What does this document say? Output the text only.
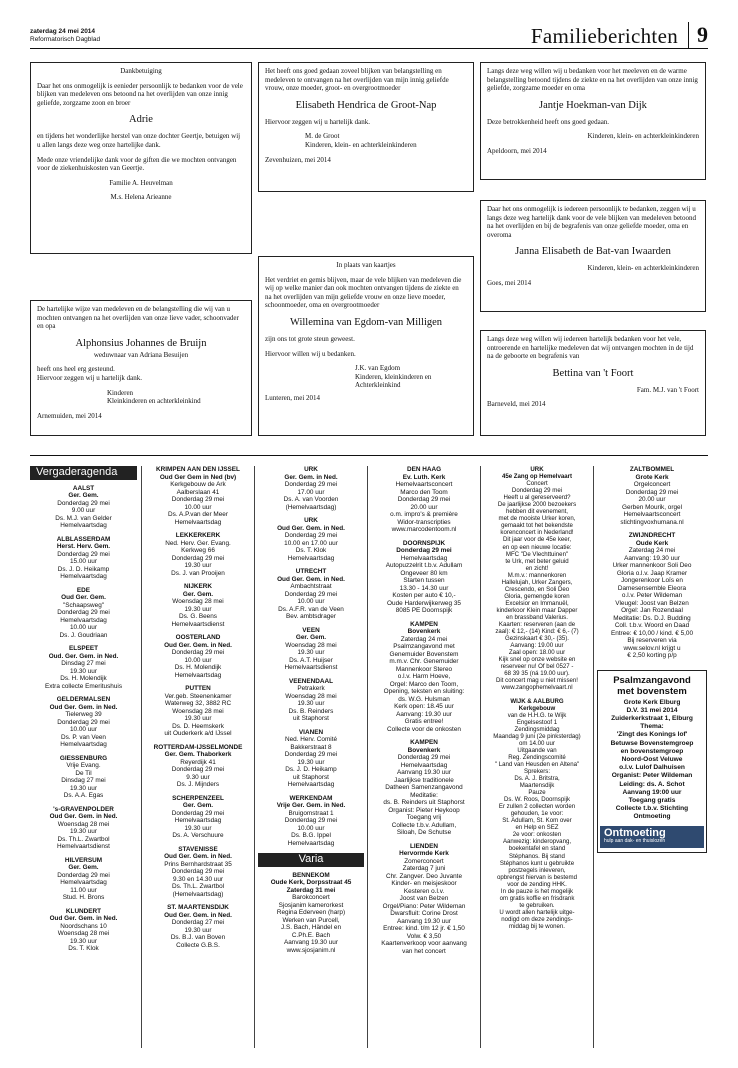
zaterdag 24 mei 2014
Reformatorisch Dagblad	Familieberichten 9

Dankbetuiging

Daar het ons onmogelijk is eenieder persoonlijk te bedanken voor de vele blijken van medeleven ons betoond na het overlijden van onze innig geliefde, zorgzame zoon en broer

Adrie

en tijdens het wonderlijke herstel van onze dochter Geertje, betuigen wij u allen langs deze weg onze hartelijke dank.

Mede onze vriendelijke dank voor de giften die we mochten ontvangen voor de ziekenhuiskosten van Geertje.

Familie A. Heuvelman

M.s. Helena Arieanne

Het heeft ons goed gedaan zoveel blijken van belangstelling en medeleven te ontvangen na het overlijden van mijn innig geliefde vrouw, onze moeder, groot- en overgrootmoeder

Elisabeth Hendrica de Groot-Nap

Hiervoor zeggen wij u hartelijk dank.

M. de Groot
Kinderen, klein- en achterkleinkinderen
Zevenhuizen, mei 2014

Langs deze weg willen wij u bedanken voor het meeleven en de warme belangstelling betoond tijdens de ziekte en na het overlijden van onze innig geliefde, zorgzame moeder en oma

Jantje Hoekman-van Dijk

Deze betrokkenheid heeft ons goed gedaan.

Kinderen, klein- en achterkleinkinderen

Apeldoorn, mei 2014

Daar het ons onmogelijk is iedereen persoonlijk te bedanken, zeggen wij u langs deze weg hartelijk dank voor de vele blijken van medeleven betoond na het overlijden en bij de begrafenis van onze geliefde moeder, oma en overoma

Janna Elisabeth de Bat-van Iwaarden

Kinderen, klein- en achterkleinkinderen

Goes, mei 2014

In plaats van kaartjes

Het verdriet en gemis blijven, maar de vele blijken van medeleven die wij op welke manier dan ook mochten ontvangen tijdens de ziekte en na het overlijden van mijn geliefde vrouw en onze lieve moeder, schoonmoeder, oma en overgrootmoeder

Willemina van Egdom-van Milligen

zijn ons tot grote steun geweest.

Hiervoor willen wij u bedanken.

J.K. van Egdom
Kinderen, kleinkinderen en
Achterkleinkind
Lunteren, mei 2014

De hartelijke wijze van medeleven en de belangstelling die wij van u mochten ontvangen na het overlijden van onze lieve vader, schoonvader en opa

Alphonsius Johannes de Bruijn

weduwnaar van Adriana Besuijen

heeft ons heel erg gesteund.

Hiervoor zeggen wij u hartelijk dank.

Kinderen
Kleinkinderen en achterkleinkind
Arnemuiden, mei 2014

Langs deze weg willen wij iedereen hartelijk bedanken voor het vele, ontroerende en hartelijke medeleven dat wij ontvangen mochten in de tijd na de geboorte en begrafenis van

Bettina van 't Foort

Fam. M.J. van 't Foort

Barneveld, mei 2014
Vergaderagenda
AALST
Ger. Gem.
Donderdag 29 mei
9.00 uur
Ds. M.J. van Gelder
Hemelvaartsdag
ALBLASSERDAM
Herst. Herv. Gem.
Donderdag 29 mei
15.00 uur
Ds. J. D. Heikamp
Hemelvaartsdag
EDE
Oud Ger. Gem.
"Schaapsweg"
Donderdag 29 mei
Hemelvaartsdag
10.00 uur
Ds. J. Goudriaan
ELSPEET
Oud. Ger. Gem. in Ned.
Dinsdag 27 mei
19.30 uur
Ds. H. Molendijk
Extra collecte Emeritushuis
GELDERMALSEN
Oud Ger. Gem. in Ned.
Tielerweg 39
Donderdag 29 mei
10.00 uur
Ds. P. van Veen
Hemelvaartsdag
GIESSENBURG
Vrije Evang.
De Til
Dinsdag 27 mei
19.30 uur
Ds. A.A. Egas
's-GRAVENPOLDER
Oud Ger. Gem. in Ned.
Woensdag 28 mei
19.30 uur
Ds. Th.L. Zwartbol
Hemelvaartsdienst
HILVERSUM
Ger. Gem.
Donderdag 29 mei
Hemelvaartsdag
11.00 uur
Stud. H. Brons
KLUNDERT
Oud Ger. Gem. in Ned.
Noordschans 10
Woensdag 28 mei
19.30 uur
Ds. T. Klok
KRIMPEN AAN DEN IJSSEL
Oud Ger Gem in Ned (bv)
Kerkgebouw de Ark
Aalberslaan 41
Donderdag 29 mei
10.00 uur
Ds. A.P.van der Meer
Hemelvaartsdag
LEKKERKERK
Ned. Herv. Ger. Evang.
Kerkweg 66
Donderdag 29 mei
19.30 uur
Ds. J. van Prooijen
NIJKERK
Ger. Gem.
Woensdag 28 mei
19.30 uur
Ds. G. Beens
Hemelvaartsdienst
OOSTERLAND
Oud Ger. Gem. in Ned.
Donderdag 29 mei
10.00 uur
Ds. H. Molendijk
Hemelvaartsdag
PUTTEN
Ver.geb. Steenenkamer
Waterweg 32, 3882 RC
Woensdag 28 mei
19.30 uur
Ds. D. Heemskerk
uit Ouderkerk a/d IJssel
ROTTERDAM-IJSSELMONDE
Ger. Gem. Thaborkerk
Reyerdijk 41
Donderdag 29 mei
9.30 uur
Ds. J. Mijnders
SCHERPENZEEL
Ger. Gem.
Donderdag 29 mei
Hemelvaartsdag
19.30 uur
Ds. A. Verschuure
STAVENISSE
Oud Ger. Gem. in Ned.
Prins Bernhardstraat 35
Donderdag 29 mei
9.30 en 14.30 uur
Ds. Th.L. Zwartbol
(Hemelvaartsdag)
ST. MAARTENSDIJK
Oud Ger. Gem. in Ned.
Donderdag 27 mei
19.30 uur
Ds. B.J. van Boven
Collecte G.B.S.
URK
Ger. Gem. in Ned.
Donderdag 29 mei
17.00 uur
Ds. A. van Voorden
(Hemelvaartsdag)
URK
Oud Ger. Gem. in Ned.
Donderdag 29 mei
10.00 en 17.00 uur
Ds. T. Klok
Hemelvaartsdag
UTRECHT
Oud Ger. Gem. in Ned.
Ambachtstraat
Donderdag 29 mei
10.00 uur
Ds. A.F.R. van de Veen
Bev. ambtsdrager
VEEN
Ger. Gem.
Woensdag 28 mei
19.30 uur
Ds. A.T. Huijser
Hemelvaartsdienst
VEENENDAAL
Petrakerk
Woensdag 28 mei
19.30 uur
Ds. B. Reinders
uit Staphorst
VIANEN
Ned. Herv. Comité
Bakkerstraat 8
Donderdag 29 mei
19.30 uur
Ds. J. D. Heikamp
uit Staphorst
Hemelvaartsdag
WERKENDAM
Vrije Ger. Gem. in Ned.
Bruigomstraat 1
Donderdag 29 mei
10.00 uur
Ds. B.G. Ippel
Hemelvaartsdag
Varia
BENNEKOM
Oude Kerk, Dorpsstraat 45
Zaterdag 31 mei
Barokconcert
Sjosjanim kamerorkest
Regina Ederveen (harp)
Werken van Purcell,
J.S. Bach, Händel en
C.Ph.E. Bach
Aanvang 19.30 uur
www.sjosjanim.nl
DEN HAAG
Ev. Luth. Kerk
Hemelvaartsconcert
Marco den Toom
Donderdag 29 mei
20.00 uur
o.m. impro's & première
Widor-transcripties
www.marcodentoom.nl
DOORNSPIJK
Donderdag 29 mei
Hemelvaartsdag
Autopuzzelrit t.b.v. Adullam
Ongeveer 80 km
Starten tussen
13.30 - 14.30 uur
Kosten per auto € 10,-
Oude Harderwijkerweg 35
8085 PE Doornspijk
KAMPEN
Bovenkerk
Zaterdag 24 mei
Psalmzangavond met
Genemuider Bovenstem
m.m.v. Chr. Genemuider
Mannenkoor Stereo
o.l.v. Harm Hoeve,
Orgel: Marco den Toom,
Opening, teksten en sluiting:
ds. W.G. Hulsman
Kerk open: 18.45 uur
Aanvang: 19.30 uur
Gratis entree!
Collecte voor de onkosten
KAMPEN
Bovenkerk
Donderdag 29 mei
Hemelvaartsdag
Aanvang 19.30 uur
Jaarlijkse traditionele
Datheen Samenzangavond
Meditatie:
ds. B. Reinders uit Staphorst
Organist: Pieter Heykoop
Toegang vrij
Collecte t.b.v. Adullam,
Siloah, De Schutse
LIENDEN
Hervormde Kerk
Zomerconcert
Zaterdag 7 juni
Chr. Zangver. Deo Juvante
Kinder- en meisjeskoor
Kesteren o.l.v.
Joost van Belzen
Orgel/Piano: Peter Wildeman
Dwarsfluit: Corine Drost
Aanvang 19.30 uur
Entree: kind. t/m 12 jr. € 1,50
Volw. € 3,50
Kaartenverkoop voor aanvang
van het concert
URK
45e Zang op Hemelvaart
Concert
Donderdag 29 mei
Heeft u al gereserveerd?
De jaarlijkse 2000 bezoekers
hebben dit evenement,
met de mooiste Urker koren,
gemaakt tot het bekendste
korenconcert in Nederland!
Dit jaar voor de 45e keer,
en op een nieuwe locatie:
MFC "De Vlechttuinen"
te Urk, met beter geluid
en zicht!
M.m.v.: mannenkoren
Hallelujah, Urker Zangers,
Crescendo, en Soli Deo
Gloria, gemengde koren
Excelsior en Immanuël,
kinderkoor Klein maar Dapper
en brassband Valerius.
Kaarten: reserveren (aan de
zaal): € 12,- (14) Kind: € 6,- (7)
Gezinskaart € 30,- (35).
Aanvang: 19.00 uur
Zaal open: 18.00 uur
Kijk snel op onze website en
reserveer nu! Of bel 0527 -
68 39 35 (ná 19.00 uur).
Dit concert mag u niet missen!
www.zangophemelvaart.nl
WIJK & AALBURG
Kerkgebouw
van de H.H.G. te Wijk
Engelsestoof 1
Zendingsmiddag
Maandag 9 juni (2e pinksterdag)
om 14.00 uur
Uitgaande van
Reg. Zendingscomité
" Land van Heusden en Altena"
Sprekers:
Ds. A. J. Britstra,
Maartensdijk
Pauze
Ds. W. Roos, Doornspijk
Er zullen 2 collecten worden
gehouden, 1e voor:
St. Adullam, St. Kom over
en Help en SEZ
2e voor: onkosten
Aanwezig: kinderopvang,
boekentafel en stand
Stéphanos. Bij stand
Stéphanos kunt u gebruikte
postzegels inleveren,
opbrengst hiervan is bestemd
voor de zending HHK.
In de pauze is het mogelijk
om gratis koffie en frisdrank
te gebruiken.
U wordt allen hartelijk uitge-
nodigd om deze zendings-
middag bij te wonen.
ZALTBOMMEL
Grote Kerk
Orgelconcert
Donderdag 29 mei
20.00 uur
Gerben Mourik, orgel
Hemelvaartsconcert
stichtingvoxhumana.nl
ZWIJNDRECHT
Oude Kerk
Zaterdag 24 mei
Aanvang: 19.30 uur
Urker mannenkoor Soli Deo
Gloria o.l.v. Jaap Kramer
Jongerenkoor Loïs en
Damesensemble Eleora
o.l.v. Peter Wildeman
Vleugel: Joost van Belzen
Orgel: Jan Rozendaal
Meditatie: Ds. D.J. Budding
Coll. t.b.v. Woord en Daad
Entree: € 10,00 / kind. € 5,00
Bij reserveren via
www.selov.nl krijgt u
€ 2,50 korting p/p
Psalmzangavond
met bovenstem
Grote Kerk Elburg
D.V. 31 mei 2014
Zuiderkerkstraat 1, Elburg
Thema:
'Zingt des Konings lof'
Betuwse Bovenstemgroep
en bovenstemgroep
Noord-Oost Veluwe
o.l.v. Lulof Dalhuisen
Organist: Peter Wildeman
Leiding: ds. A. Schot
Aanvang 19:00 uur
Toegang gratis
Collecte t.b.v. Stichting
Ontmoeting
Ontmoeting
hulp aan dak- en thuislozen
